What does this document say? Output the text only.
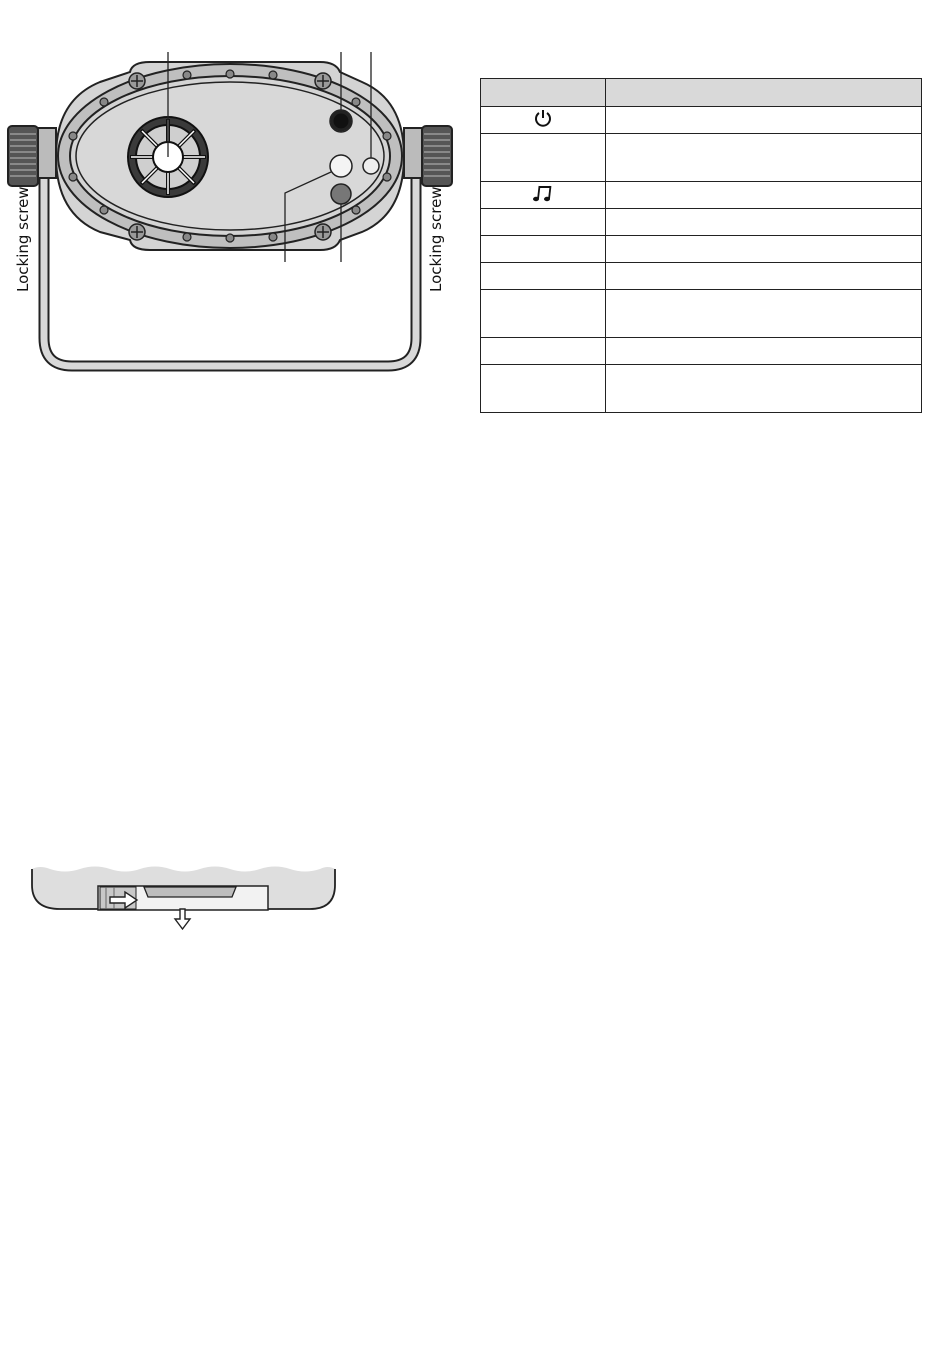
Locking screw	Locking screw
